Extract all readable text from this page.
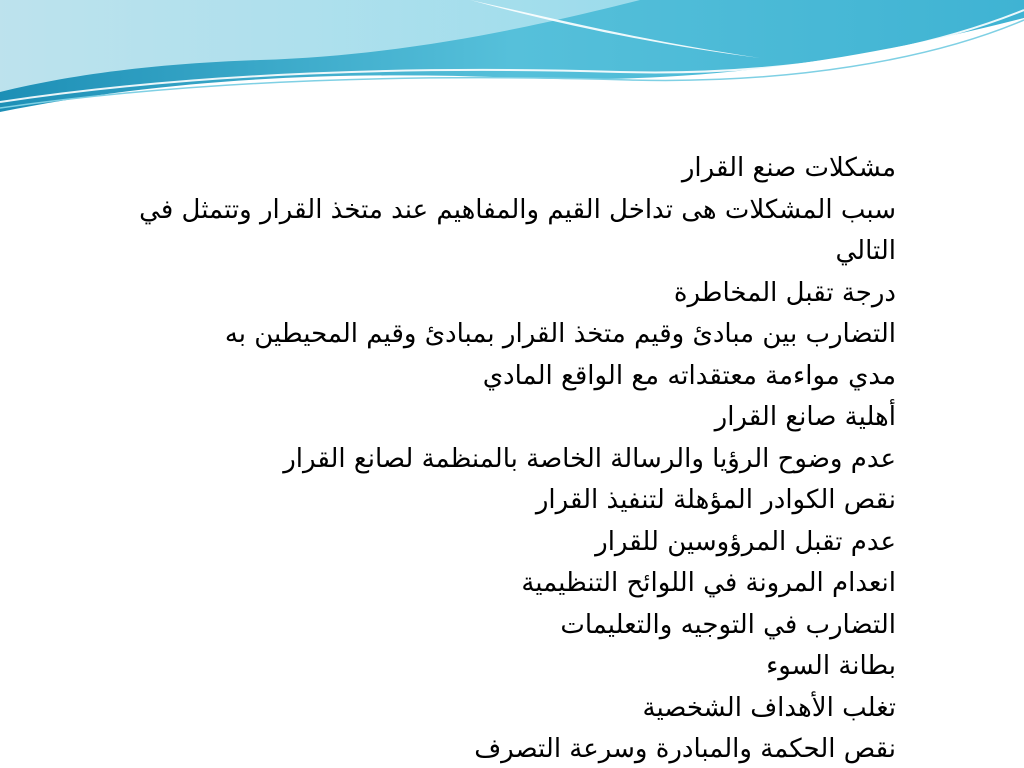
مشكلات صنع القرار
سبب المشكلات هى تداخل القيم والمفاهيم عند متخذ القرار وتتمثل في التالي
درجة تقبل المخاطرة
التضارب بين مبادئ وقيم متخذ القرار بمبادئ وقيم المحيطين به
مدي مواءمة معتقداته مع الواقع المادي
أهلية صانع القرار
عدم وضوح الرؤيا والرسالة الخاصة بالمنظمة لصانع القرار
نقص الكوادر المؤهلة لتنفيذ القرار
عدم تقبل المرؤوسين للقرار
انعدام المرونة في اللوائح التنظيمية
التضارب في التوجيه والتعليمات
بطانة السوء
تغلب الأهداف الشخصية
نقص الحكمة والمبادرة وسرعة التصرف
